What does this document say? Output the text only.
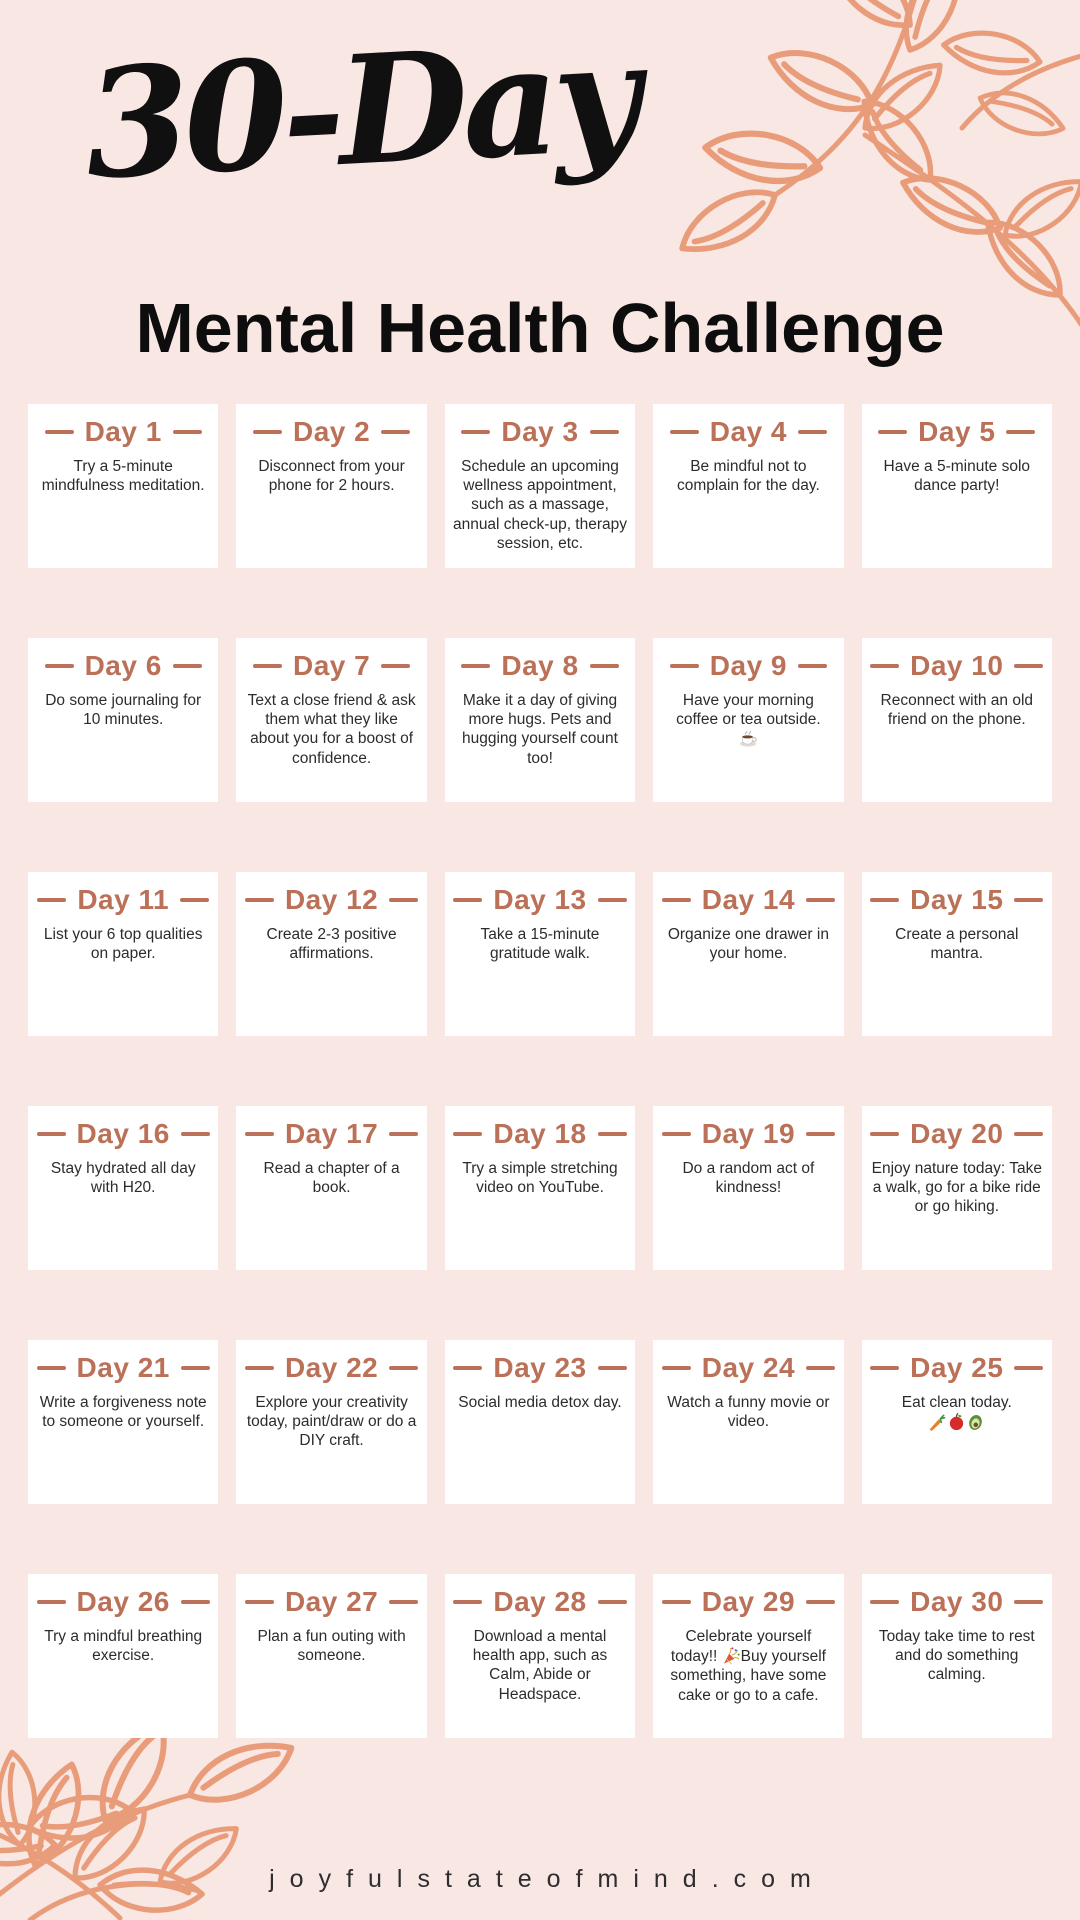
30-Day
Mental Health Challenge
Day 1
Try a 5-minute mindfulness meditation.
Day 2
Disconnect from your phone for 2 hours.
Day 3
Schedule an upcoming wellness appointment, such as a massage, annual check-up, therapy session, etc.
Day 4
Be mindful not to complain for the day.
Day 5
Have a 5-minute solo dance party!
Day 6
Do some journaling for 10 minutes.
Day 7
Text a close friend & ask them what they like about you for a boost of confidence.
Day 8
Make it a day of giving more hugs. Pets and hugging yourself count too!
Day 9
Have your morning coffee or tea outside.

Day 10
Reconnect with an old friend on the phone.
Day 11
List your 6 top qualities on paper.
Day 12
Create 2-3 positive affirmations.
Day 13
Take a 15-minute gratitude walk.
Day 14
Organize one drawer in your home.
Day 15
Create a personal mantra.
Day 16
Stay hydrated all day with H20.
Day 17
Read a chapter of a book.
Day 18
Try a simple stretching video on YouTube.
Day 19
Do a random act of kindness!
Day 20
Enjoy nature today: Take a walk, go for a bike ride or go hiking.
Day 21
Write a forgiveness note to someone or yourself.
Day 22
Explore your creativity today, paint/draw or do a DIY craft.
Day 23
Social media detox day.
Day 24
Watch a funny movie or video.
Day 25
Eat clean today.

Day 26
Try a mindful breathing exercise.
Day 27
Plan a fun outing with someone.
Day 28
Download a mental health app, such as Calm, Abide or Headspace.
Day 29
Celebrate yourself today!! Buy yourself something, have some cake or go to a cafe.
Day 30
Today take time to rest and do something calming.
joyfulstateofmind.com
